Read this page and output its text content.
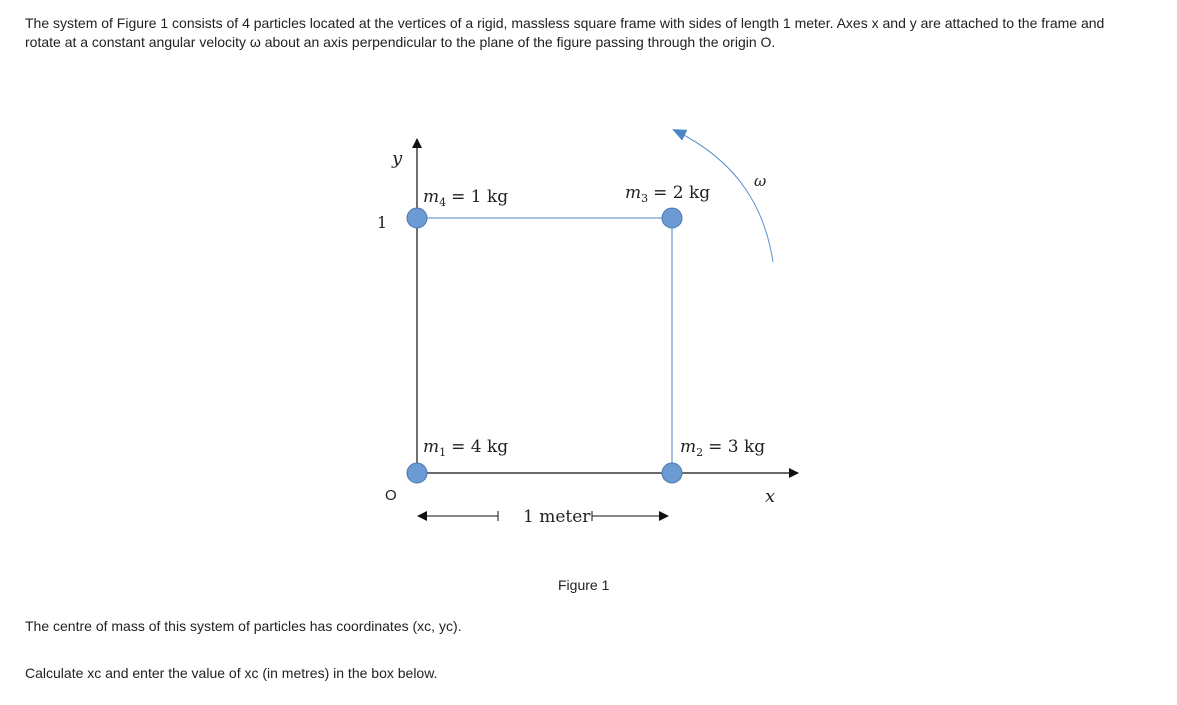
The system of Figure 1 consists of 4 particles located at the vertices of a rigid, massless square frame with sides of length 1 meter. Axes x and y are attached to the frame and rotate at a constant angular velocity ω about an axis perpendicular to the plane of the figure passing through the origin O.

1 meter
y
x
O
1
ω
$m_4 = 1$ kg	$m_3 = 2$ kg
$m_1 = 4$ kg	$m_2 = 3$ kg
Figure 1

The centre of mass of this system of particles has coordinates (xc, yc).

Calculate xc and enter the value of xc (in metres) in the box below.
